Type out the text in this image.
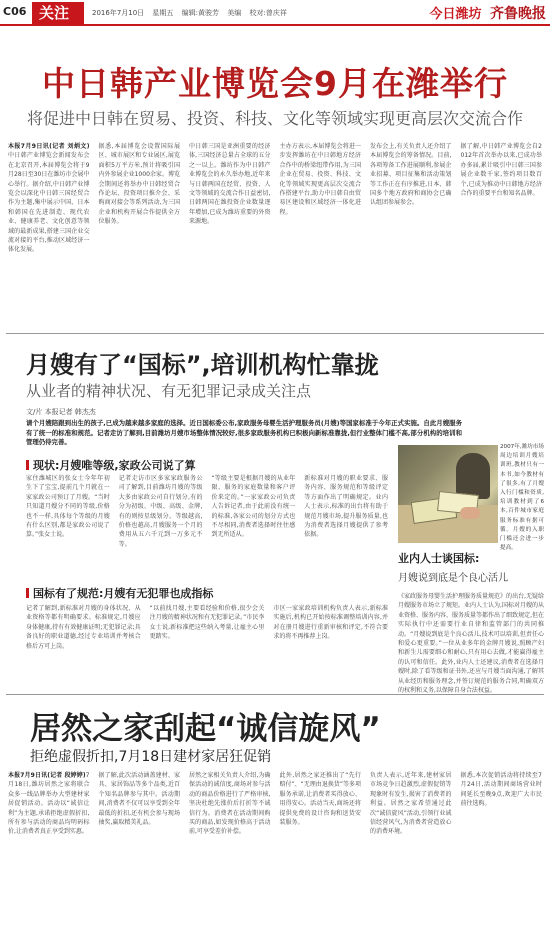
C06 关注	2016年7月10日 星期五 编辑:黄骏芳 美编 校对:曾庆祥	今日潍坊 齐鲁晚报
中日韩产业博览会9月在潍举行
将促进中日韩在贸易、投资、科技、文化等领域实现更高层次交流合作
本报7月9日讯(记者 刘炳文)中日韩产业博览会新闻发布会在北京召开,本届博览会将于9月28日至30日在潍坊市会展中心举行。据介绍,中日韩产业博览会以深化中日韩三国经贸合作为主题,集中展示中国、日本和韩国在先进制造、现代农业、健康养老、文化创意等领域的最新成果,搭建三国企业交流对接的平台,推动区域经济一体化发展。
据悉,本届博览会设置国际展区、城市展区和专业展区,展览面积5万平方米,预计将吸引国内外参展企业1000余家。博览会期间还将举办中日韩经贸合作论坛、投资项目推介会、采购商对接会等系列活动,为三国企业和机构开展合作提供全方位服务。
中日韩三国是亚洲重要的经济体,三国经济总量占全球的五分之一以上。潍坊作为中日韩产业博览会的永久举办地,近年来与日韩两国在经贸、投资、人文等领域的交流合作日益密切,日韩两国在潍投资企业数量逐年增加,已成为潍坊重要的外资来源地。
主办方表示,本届博览会将进一步发挥潍坊在中日韩地方经济合作中的桥梁纽带作用,为三国企业在贸易、投资、科技、文化等领域实现更高层次交流合作搭建平台,助力中日韩自由贸易区建设和区域经济一体化进程。
发布会上,有关负责人还介绍了本届博览会的筹备情况。目前,各项筹备工作进展顺利,参展企业招募、项目征集和活动策划等工作正在有序推进,日本、韩国多个地方政府和商协会已确认组团参展参会。
据了解,中日韩产业博览会自2012年首次举办以来,已成功举办多届,累计吸引中日韩三国参展企业数千家,签约项目数百个,已成为推动中日韩地方经济合作的重要平台和知名品牌。
月嫂有了“国标”,培训机构忙靠拢
从业者的精神状况、有无犯罪记录成关注点
文/片 本报记者 韩杰杰

请个月嫂陪跟到出生的孩子,已成为越来越多家庭的选择。近日国标委公布,家政服务母婴生活护理服务员(月嫂)等国家标准于今年正式实施。自此月嫂服务有了统一的标准和规范。记者走访了解到,目前潍坊月嫂市场整体情况较好,很多家政服务机构已积极向新标准靠拢,但行业整体门槛不高,部分机构的培训和管理仍待完善。

现状:月嫂唯等级,家政公司说了算
家住潍城区的张女士今年年初生下了宝宝,提前几个月就在一家家政公司预订了月嫂。“当时只知道月嫂分不同的等级,价格也不一样,具体每个等级的月嫂有什么区别,都是家政公司说了算。”张女士说。
记者走访市区多家家政服务公司了解到,目前潍坊月嫂的等级大多由家政公司自行划分,有的分为初级、中级、高级、金牌,有的则按星级划分。等级越高,价格也越高,月嫂服务一个月的费用从五六千元到一万多元不等。
“等级主要是根据月嫂的从业年限、服务的家庭数量和客户评价来定的。”一家家政公司负责人告诉记者,由于此前没有统一的标准,各家公司的划分方式也不尽相同,消费者选择时往往感到无所适从。
新标准对月嫂的职业要求、服务内容、服务规范和等级评定等方面作出了明确规定。业内人士表示,标准的出台将有助于规范月嫂市场,提升服务质量,也为消费者选择月嫂提供了参考依据。
国标有了规范:月嫂有无犯罪也成指标
记者了解到,新标准对月嫂的身体状况、从业资格等都有明确要求。标准规定,月嫂应身体健康,持有有效健康证明;无犯罪记录;具备良好的职业道德,经过专业培训并考核合格后方可上岗。
“以前找月嫂,主要看经验和价格,很少会关注月嫂的精神状况和有无犯罪记录。”市民李女士说,新标准把这些纳入考量,让雇主心里更踏实。
市区一家家政培训机构负责人表示,新标准实施后,机构已开始按标准调整培训内容,并对在册月嫂进行重新审核和评定,不符合要求的将不再推荐上岗。
2007年,潍坊市场周边培训月嫂培训班,教材只有一本书,如今教材有了很多,有了月嫂入行门槛和资质,培训教材到了6本,百件城市家庭服务标准有据可循。月嫂的入职门槛还会进一步提高。
业内人士谈国标:
月嫂说到底是个良心活儿

《家政服务母婴生活护理服务质量规范》的出台,无疑给月嫂服务市场立了规矩。业内人士认为,国标对月嫂的从业资格、服务内容、服务质量等都作出了细致规定,但在实际执行中还需要行业自律和监管部门的共同推动。“月嫂说到底是个良心活儿,技术可以培训,但责任心和爱心更重要。”一位从业多年的金牌月嫂说,照顾产妇和新生儿需要细心和耐心,只有用心去做,才能赢得雇主的认可和信任。此外,业内人士还建议,消费者在选择月嫂时,除了看等级和证书外,还应与月嫂当面沟通,了解其从业经历和服务理念,并签订规范的服务合同,明确双方的权利和义务,以保障自身合法权益。

居然之家刮起“诚信旋风”
拒绝虚假折扣,7月18日建材家居狂促销
本报7月9日讯(记者 段婷婷)7月18日,潍坊居然之家将联合众多一线品牌举办大型建材家居促销活动。活动以“诚信让利”为主题,承诺拒绝虚假折扣,所有参与活动的商品均明码标价,让消费者真正享受到实惠。
据了解,此次活动涵盖建材、家具、家居饰品等多个品类,近百个知名品牌参与其中。活动期间,消费者不仅可以享受到全年最低的折扣,还有机会参与现场抽奖,赢取精美礼品。
居然之家相关负责人介绍,为确保活动的诚信度,商场对参与活动的商品价格进行了严格审核,坚决杜绝先涨价后打折等不诚信行为。消费者在活动期间购买的商品,如发现价格高于活动前,可享受差价补偿。
此外,居然之家还推出了“先行赔付”、“无理由退换货”等多项服务承诺,让消费者买得放心、用得安心。活动当天,商场还将提供免费的设计咨询和送货安装服务。
负责人表示,近年来,建材家居市场竞争日趋激烈,虚假促销等现象时有发生,损害了消费者的利益。居然之家希望通过此次“诚信旋风”活动,引领行业诚信经营风气,为消费者营造放心的消费环境。
据悉,本次促销活动将持续至7月24日,活动期间商场营业时间延长至晚9点,欢迎广大市民前往选购。
